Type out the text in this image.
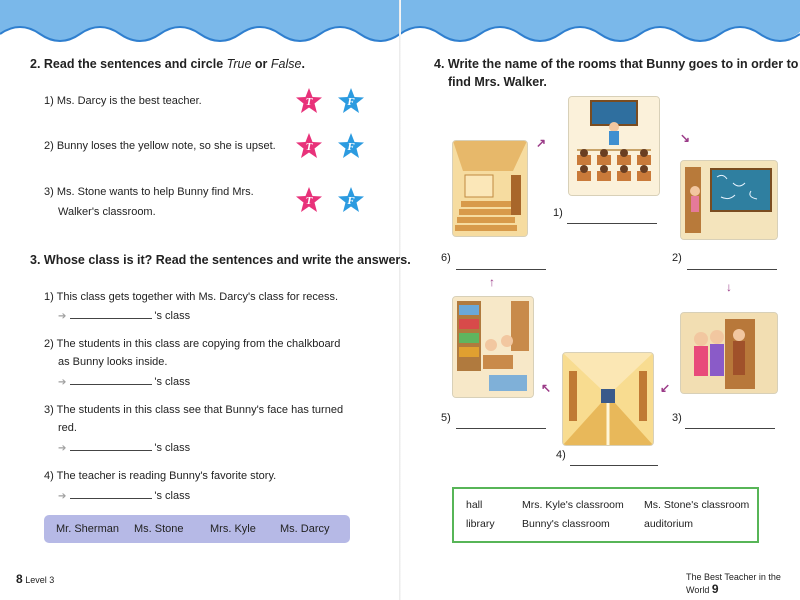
2. Read the sentences and circle True or False.
1) Ms. Darcy is the best teacher.
2) Bunny loses the yellow note, so she is upset.
3) Ms. Stone wants to help Bunny find Mrs.
Walker's classroom.
T	F
T	F
T	F
3. Whose class is it? Read the sentences and write the answers.
1) This class gets together with Ms. Darcy's class for recess.
➔	's class
2) The students in this class are copying from the chalkboard
as Bunny looks inside.
➔	's class
3) The students in this class see that Bunny's face has turned
red.
➔	's class
4) The teacher is reading Bunny's favorite story.
➔	's class
Mr. Sherman Ms. Stone Mrs. Kyle Ms. Darcy
8 Level 3
4. Write the name of the rooms that Bunny goes to in order to
find Mrs. Walker.
↗	↘
↓
↙
↖
↑
1)
2)
3)
4)
5)
6)
hall	Mrs. Kyle's classroom Ms. Stone's classroom
library	Bunny's classroom	auditorium
The Best Teacher in the World 9
